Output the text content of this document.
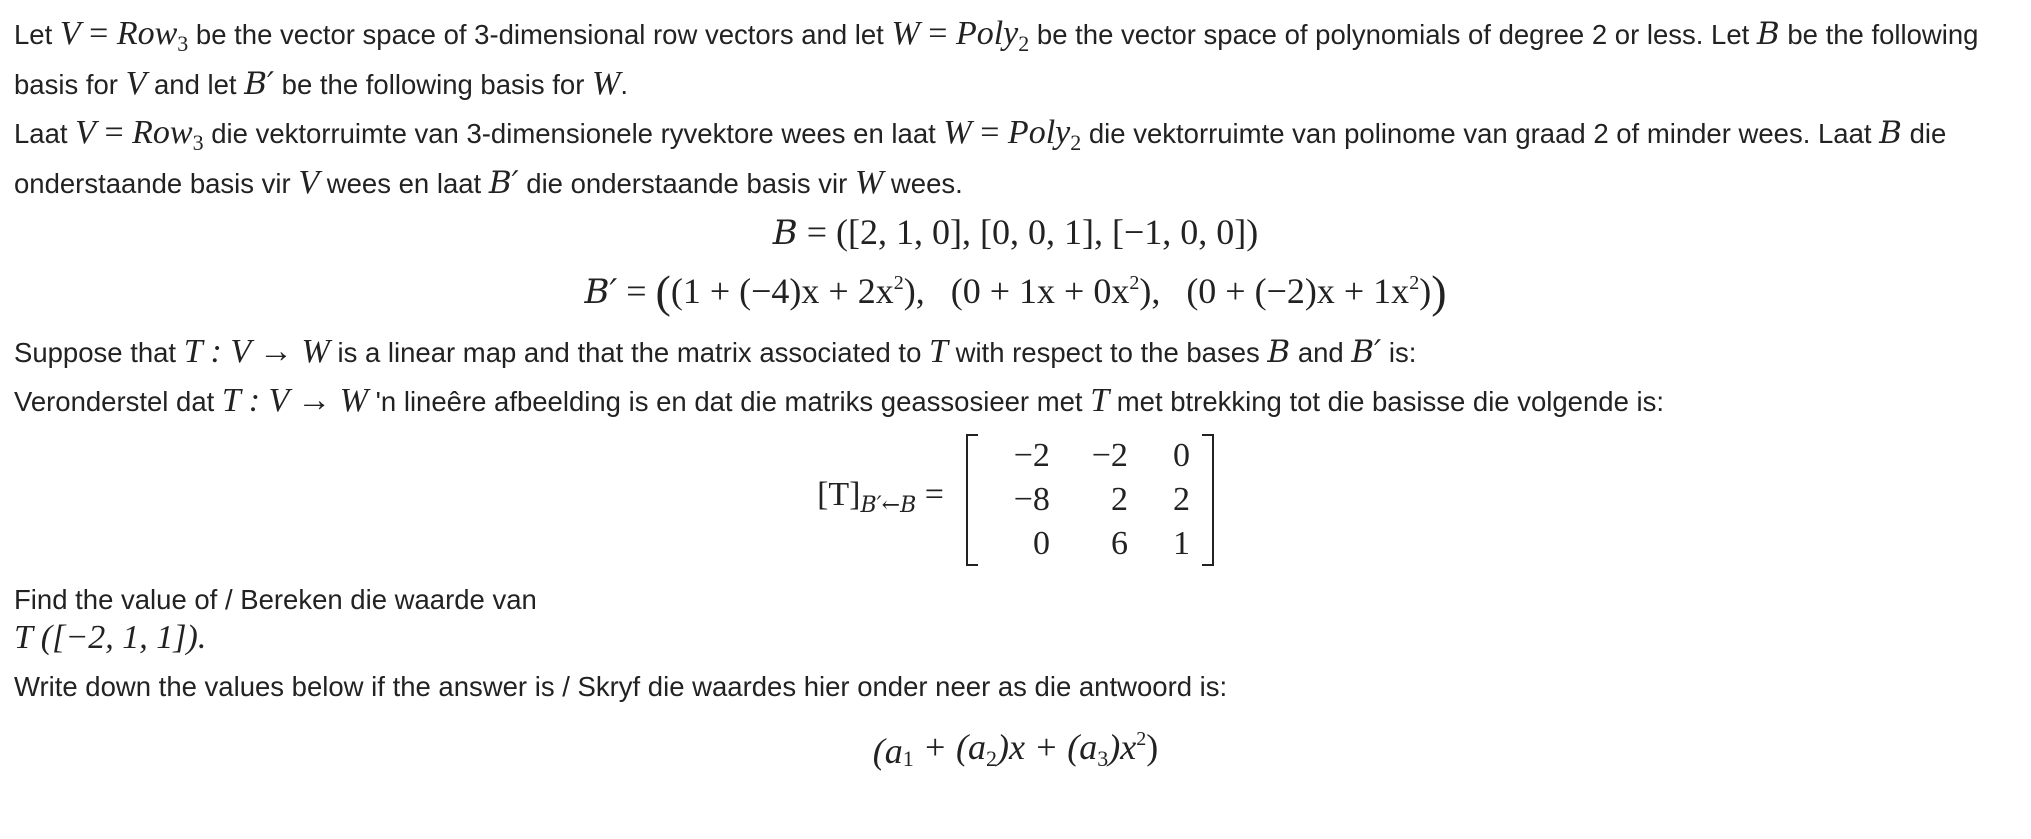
Let V = Row$_3$ be the vector space of 3-dimensional row vectors and let W = Poly$_2$ be the vector space of polynomials of degree 2 or less. Let B be the following basis for V and let B′ be the following basis for W.

Laat V = Row$_3$ die vektorruimte van 3-dimensionele ryvektore wees en laat W = Poly$_2$ die vektorruimte van polinome van graad 2 of minder wees. Laat B die onderstaande basis vir V wees en laat B′ die onderstaande basis vir W wees.

B = ([2, 1, 0], [0, 0, 1], [−1, 0, 0])

$B' = ((1 + (-4)x + 2x^2)$, $(0 + 1x + 0x^2)$, $(0 + (-2)x + 1x^2)$)

Suppose that T : V → W is a linear map and that the matrix associated to T with respect to the bases B and B′ is:

Veronderstel dat T : V → W 'n lineêre afbeelding is en dat die matriks geassosieer met T met btrekking tot die basisse die volgende is:

$[T]_{B'\leftarrow B}$ =
−2	−2	0
−8	2	2
0	6	1

Find the value of / Bereken die waarde van

T ([−2, 1, 1]).

Write down the values below if the answer is / Skryf die waardes hier onder neer as die antwoord is:

$(a_1 + (a_2)x + (a_3)x^2)$
